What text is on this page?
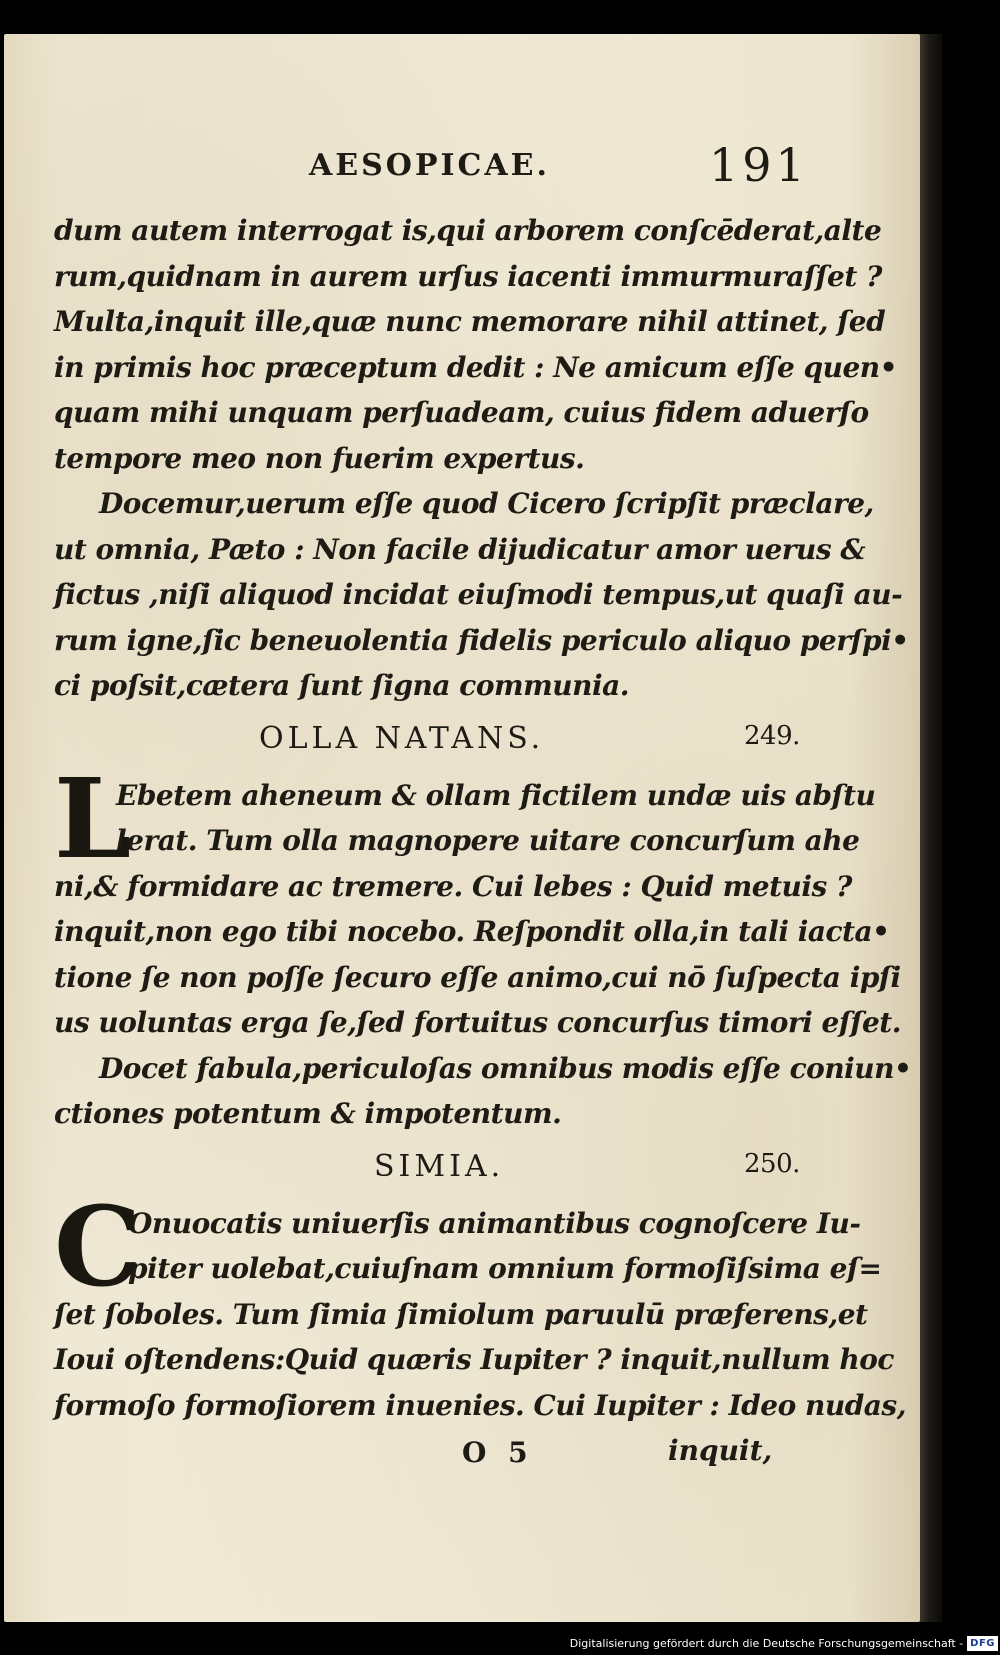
AESOPICAE.	191
dum autem interrogat is,qui arborem conſcēderat,alte
rum,quidnam in aurem urſus iacenti immurmuraſſet ?
Multa,inquit ille,quæ nunc memorare nihil attinet, ſed
in primis hoc præceptum dedit : Ne amicum eſſe quen•
quam mihi unquam perſuadeam, cuius fidem aduerſo
tempore meo non fuerim expertus.
Docemur,uerum eſſe quod Cicero ſcripſit præclare,
ut omnia, Pæto : Non facile dijudicatur amor uerus &
fictus ,niſi aliquod incidat eiuſmodi tempus,ut quaſi au-
rum igne,ſic beneuolentia fidelis periculo aliquo perſpi•
ci poſsit,cætera ſunt ſigna communia.
OLLA NATANS.	249.
L
Ebetem aheneum & ollam fictilem undæ uis abſtu
lerat. Tum olla magnopere uitare concurſum ahe
ni,& formidare ac tremere. Cui lebes : Quid metuis ?
inquit,non ego tibi nocebo. Reſpondit olla,in tali iacta•
tione ſe non poſſe ſecuro eſſe animo,cui nō ſuſpecta ipſi
us uoluntas erga ſe,ſed fortuitus concurſus timori eſſet.
Docet fabula,periculoſas omnibus modis eſſe coniun•
ctiones potentum & impotentum.
SIMIA.	250.
C
Onuocatis uniuerſis animantibus cognoſcere Iu-
piter uolebat,cuiuſnam omnium formoſiſsima eſ=
ſet ſoboles. Tum ſimia ſimiolum paruulū præferens,et
Ioui oſtendens:Quid quæris Iupiter ? inquit,nullum hoc
formoſo formoſiorem inuenies. Cui Iupiter : Ideo nudas,
O 5	inquit,
Digitalisierung gefördert durch die Deutsche Forschungsgemeinschaft - DFG
